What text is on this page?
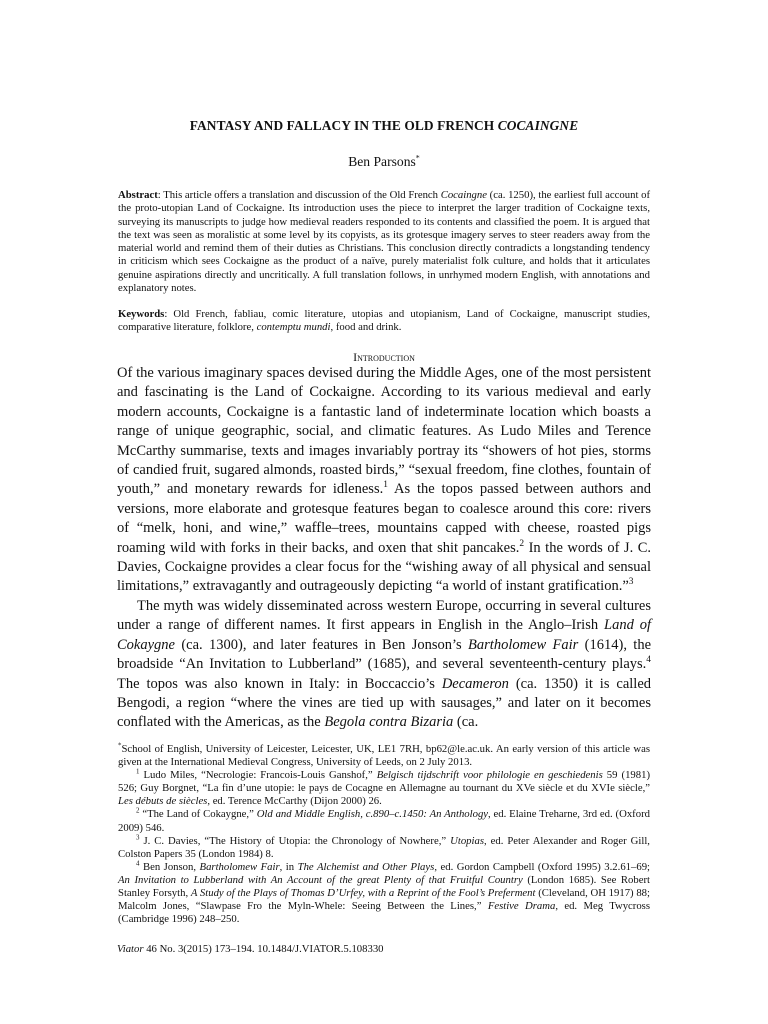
FANTASY AND FALLACY IN THE OLD FRENCH COCAINGNE
Ben Parsons*
Abstract: This article offers a translation and discussion of the Old French Cocaingne (ca. 1250), the earliest full account of the proto-utopian Land of Cockaigne. Its introduction uses the piece to interpret the larger tradition of Cockaigne texts, surveying its manuscripts to judge how medieval readers responded to its contents and classified the poem. It is argued that the text was seen as moralistic at some level by its copyists, as its grotesque imagery serves to steer readers away from the material world and remind them of their duties as Christians. This conclusion directly contradicts a longstanding tendency in criticism which sees Cockaigne as the product of a naïve, purely materialist folk culture, and holds that it articulates genuine aspirations directly and uncritically. A full translation follows, in unrhymed modern English, with annotations and explanatory notes.
Keywords: Old French, fabliau, comic literature, utopias and utopianism, Land of Cockaigne, manuscript studies, comparative literature, folklore, contemptu mundi, food and drink.
Introduction

Of the various imaginary spaces devised during the Middle Ages, one of the most persistent and fascinating is the Land of Cockaigne. According to its various medieval and early modern accounts, Cockaigne is a fantastic land of indeterminate location which boasts a range of unique geographic, social, and climatic features. As Ludo Miles and Terence McCarthy summarise, texts and images invariably portray its “showers of hot pies, storms of candied fruit, sugared almonds, roasted birds,” “sexual freedom, fine clothes, fountain of youth,” and monetary rewards for idleness.$^1$ As the topos passed between authors and versions, more elaborate and grotesque features began to coalesce around this core: rivers of “melk, honi, and wine,” waffle–trees, mountains capped with cheese, roasted pigs roaming wild with forks in their backs, and oxen that shit pancakes.$^2$ In the words of J. C. Davies, Cockaigne provides a clear focus for the “wishing away of all physical and sensual limitations,” extravagantly and outrageously depicting “a world of instant gratification.”$^3$

The myth was widely disseminated across western Europe, occurring in several cultures under a range of different names. It first appears in English in the Anglo–Irish Land of Cokaygne (ca. 1300), and later features in Ben Jonson’s Bartholomew Fair (1614), the broadside “An Invitation to Lubberland” (1685), and several seventeenth-century plays.$^4$ The topos was also known in Italy: in Boccaccio’s Decameron (ca. 1350) it is called Bengodi, a region “where the vines are tied up with sausages,” and later on it becomes conflated with the Americas, as the Begola contra Bizaria (ca.

*School of English, University of Leicester, Leicester, UK, LE1 7RH, bp62@le.ac.uk. An early version of this article was given at the International Medieval Congress, University of Leeds, on 2 July 2013.

$^1$ Ludo Miles, “Necrologie: Francois-Louis Ganshof,” Belgisch tijdschrift voor philologie en geschiedenis 59 (1981) 526; Guy Borgnet, “La fin d’une utopie: le pays de Cocagne en Allemagne au tournant du XVe siècle et du XVIe siècle,” Les débuts de siècles, ed. Terence McCarthy (Dijon 2000) 26.

$^2$ “The Land of Cokaygne,” Old and Middle English, c.890–c.1450: An Anthology, ed. Elaine Treharne, 3rd ed. (Oxford 2009) 546.

$^3$ J. C. Davies, “The History of Utopia: the Chronology of Nowhere,” Utopias, ed. Peter Alexander and Roger Gill, Colston Papers 35 (London 1984) 8.

$^4$ Ben Jonson, Bartholomew Fair, in The Alchemist and Other Plays, ed. Gordon Campbell (Oxford 1995) 3.2.61–69; An Invitation to Lubberland with An Account of the great Plenty of that Fruitful Country (London 1685). See Robert Stanley Forsyth, A Study of the Plays of Thomas D’Urfey, with a Reprint of the Fool’s Preferment (Cleveland, OH 1917) 88; Malcolm Jones, “Slawpase Fro the Myln-Whele: Seeing Between the Lines,” Festive Drama, ed. Meg Twycross (Cambridge 1996) 248–250.

Viator 46 No. 3(2015) 173–194. 10.1484/J.VIATOR.5.108330
